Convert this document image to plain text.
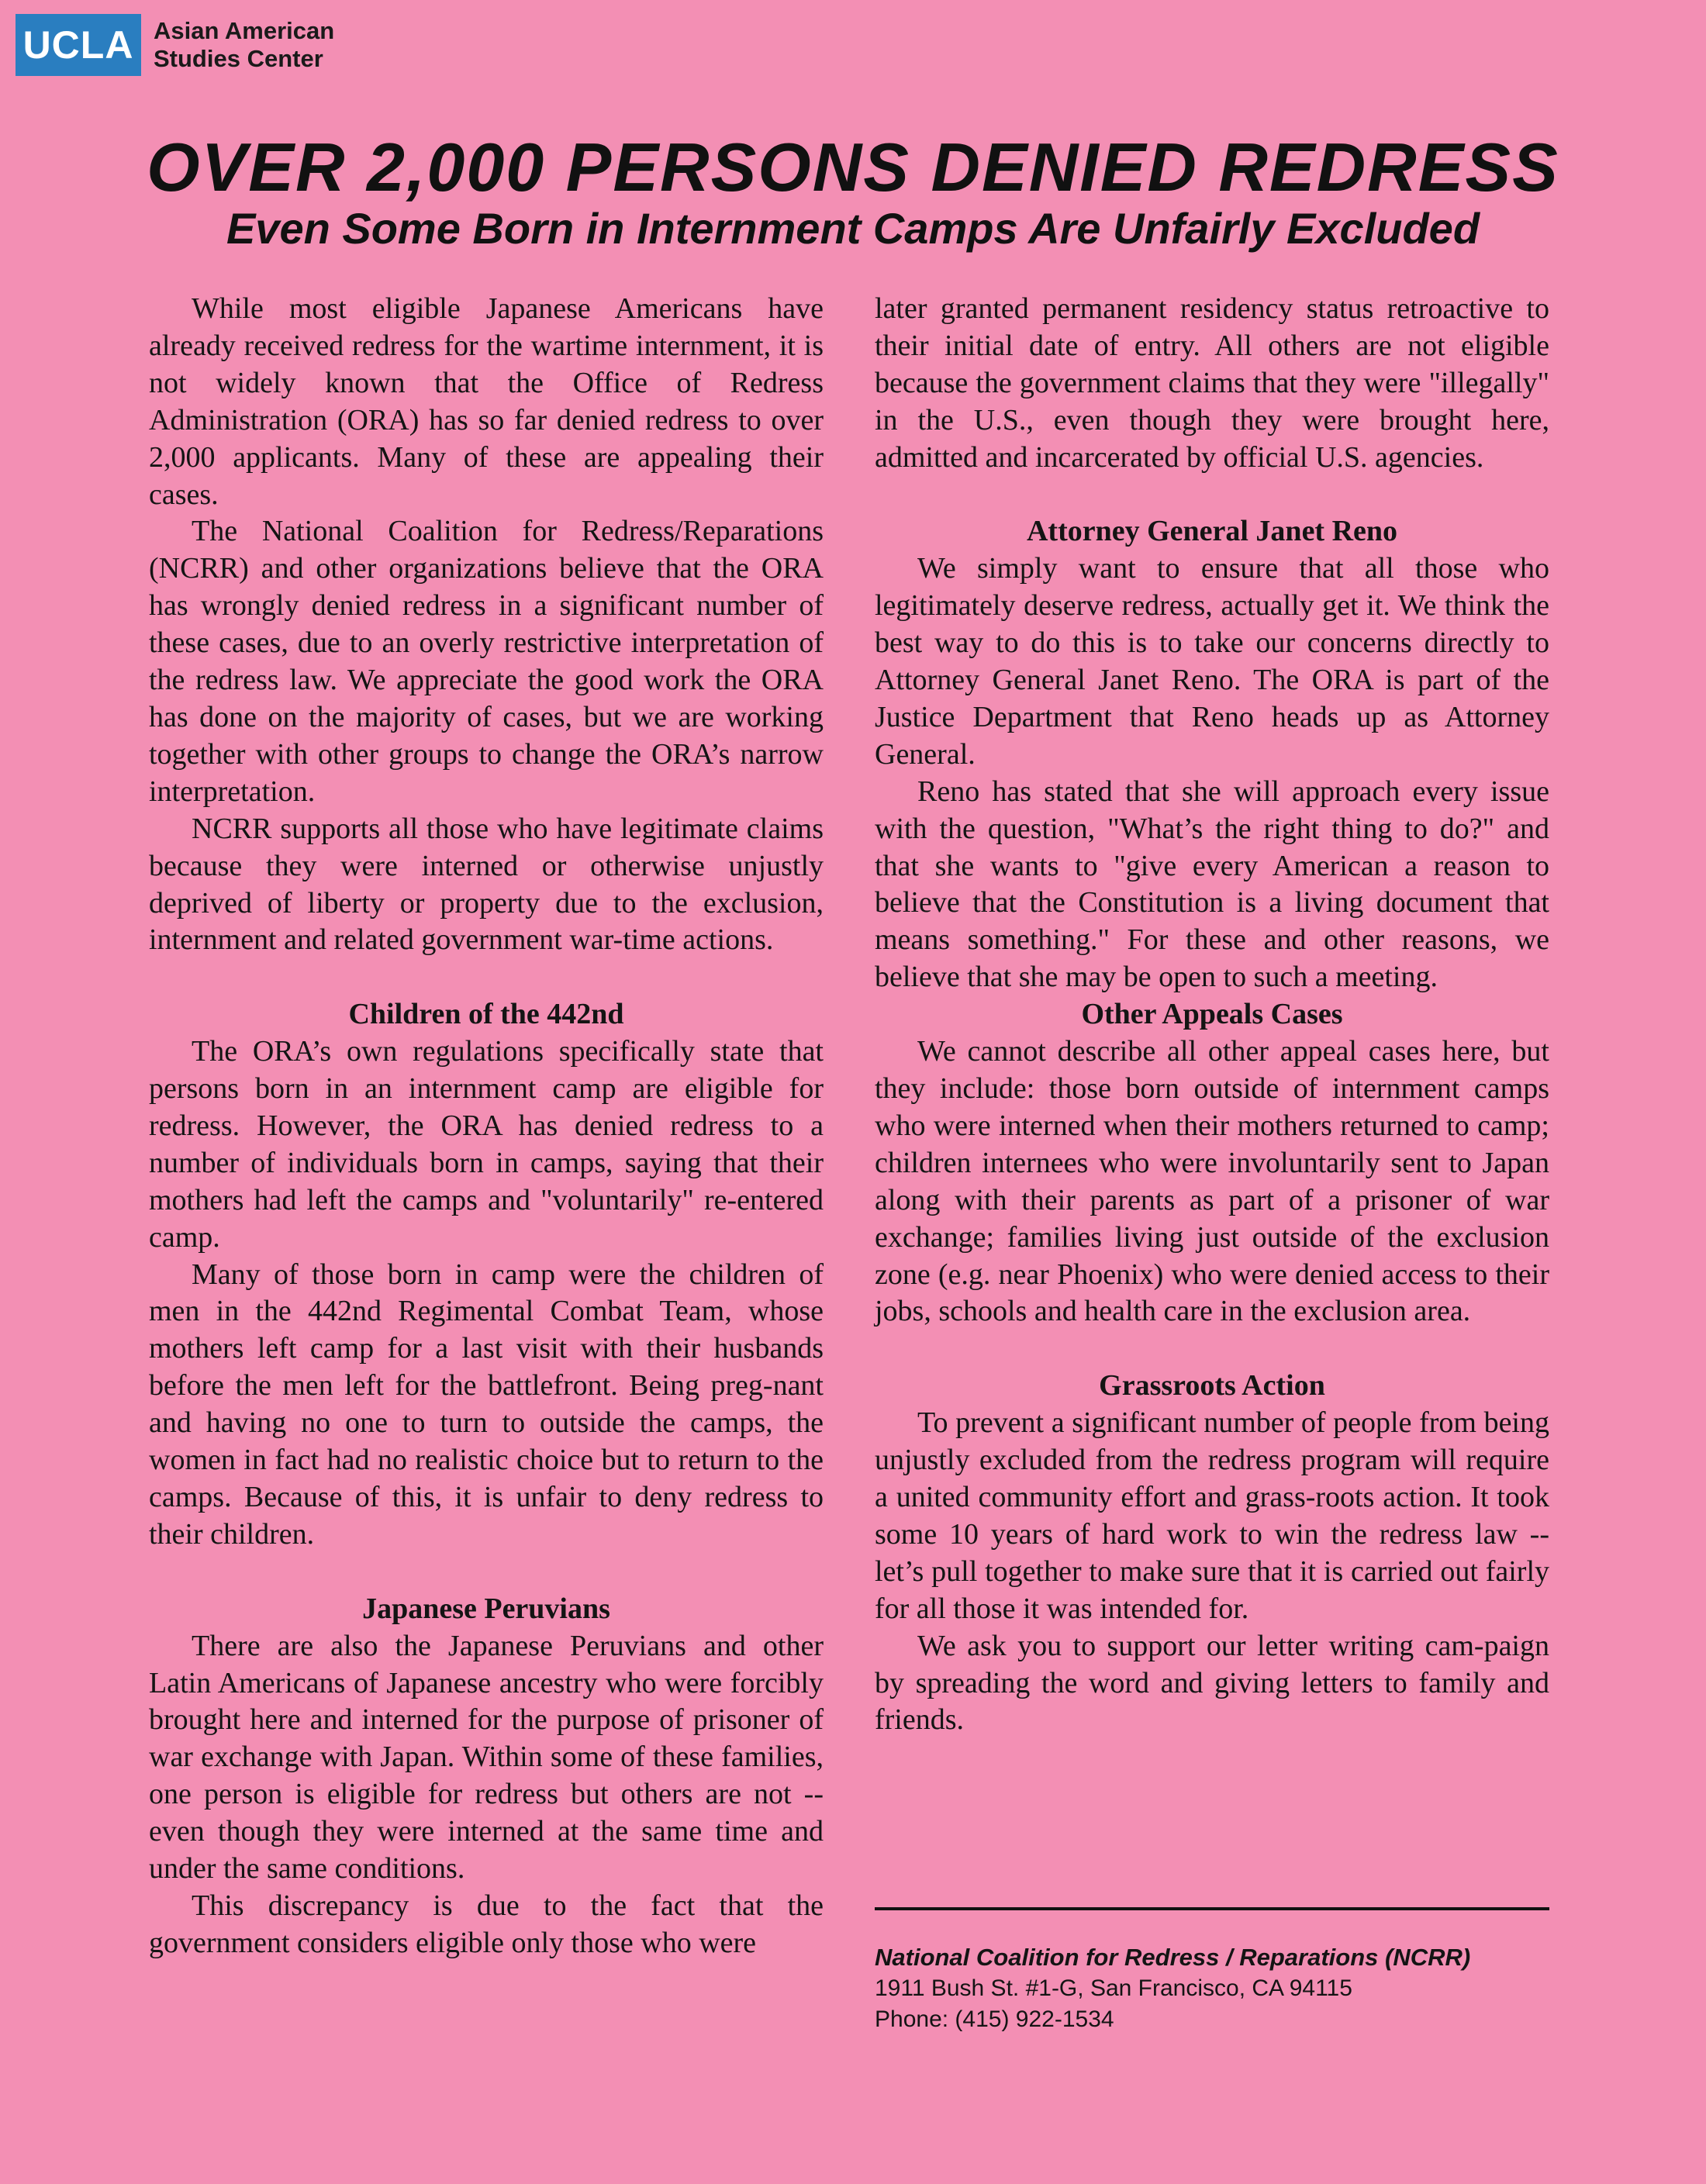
UCLA Asian American
Studies Center
OVER 2,000 PERSONS DENIED REDRESS
Even Some Born in Internment Camps Are Unfairly Excluded

While most eligible Japanese Americans have already received redress for the wartime internment, it is not widely known that the Office of Redress Administration (ORA) has so far denied redress to over 2,000 applicants. Many of these are appealing their cases.

The National Coalition for Redress/Reparations (NCRR) and other organizations believe that the ORA has wrongly denied redress in a significant number of these cases, due to an overly restrictive interpretation of the redress law. We appreciate the good work the ORA has done on the majority of cases, but we are working together with other groups to change the ORA’s narrow interpretation.

NCRR supports all those who have legitimate claims because they were interned or otherwise unjustly deprived of liberty or property due to the exclusion, internment and related government war-time actions.

Children of the 442nd

The ORA’s own regulations specifically state that persons born in an internment camp are eligible for redress. However, the ORA has denied redress to a number of individuals born in camps, saying that their mothers had left the camps and "voluntarily" re-entered camp.

Many of those born in camp were the children of men in the 442nd Regimental Combat Team, whose mothers left camp for a last visit with their husbands before the men left for the battlefront. Being preg-nant and having no one to turn to outside the camps, the women in fact had no realistic choice but to return to the camps. Because of this, it is unfair to deny redress to their children.

Japanese Peruvians

There are also the Japanese Peruvians and other Latin Americans of Japanese ancestry who were forcibly brought here and interned for the purpose of prisoner of war exchange with Japan. Within some of these families, one person is eligible for redress but others are not -- even though they were interned at the same time and under the same conditions.

This discrepancy is due to the fact that the government considers eligible only those who were

later granted permanent residency status retroactive to their initial date of entry. All others are not eligible because the government claims that they were "illegally" in the U.S., even though they were brought here, admitted and incarcerated by official U.S. agencies.

Attorney General Janet Reno

We simply want to ensure that all those who legitimately deserve redress, actually get it. We think the best way to do this is to take our concerns directly to Attorney General Janet Reno. The ORA is part of the Justice Department that Reno heads up as Attorney General.

Reno has stated that she will approach every issue with the question, "What’s the right thing to do?" and that she wants to "give every American a reason to believe that the Constitution is a living document that means something." For these and other reasons, we believe that she may be open to such a meeting.

Other Appeals Cases

We cannot describe all other appeal cases here, but they include: those born outside of internment camps who were interned when their mothers returned to camp; children internees who were involuntarily sent to Japan along with their parents as part of a prisoner of war exchange; families living just outside of the exclusion zone (e.g. near Phoenix) who were denied access to their jobs, schools and health care in the exclusion area.

Grassroots Action

To prevent a significant number of people from being unjustly excluded from the redress program will require a united community effort and grass-roots action. It took some 10 years of hard work to win the redress law -- let’s pull together to make sure that it is carried out fairly for all those it was intended for.

We ask you to support our letter writing cam-paign by spreading the word and giving letters to family and friends.

National Coalition for Redress / Reparations (NCRR)
1911 Bush St. #1-G, San Francisco, CA 94115
Phone: (415) 922-1534
